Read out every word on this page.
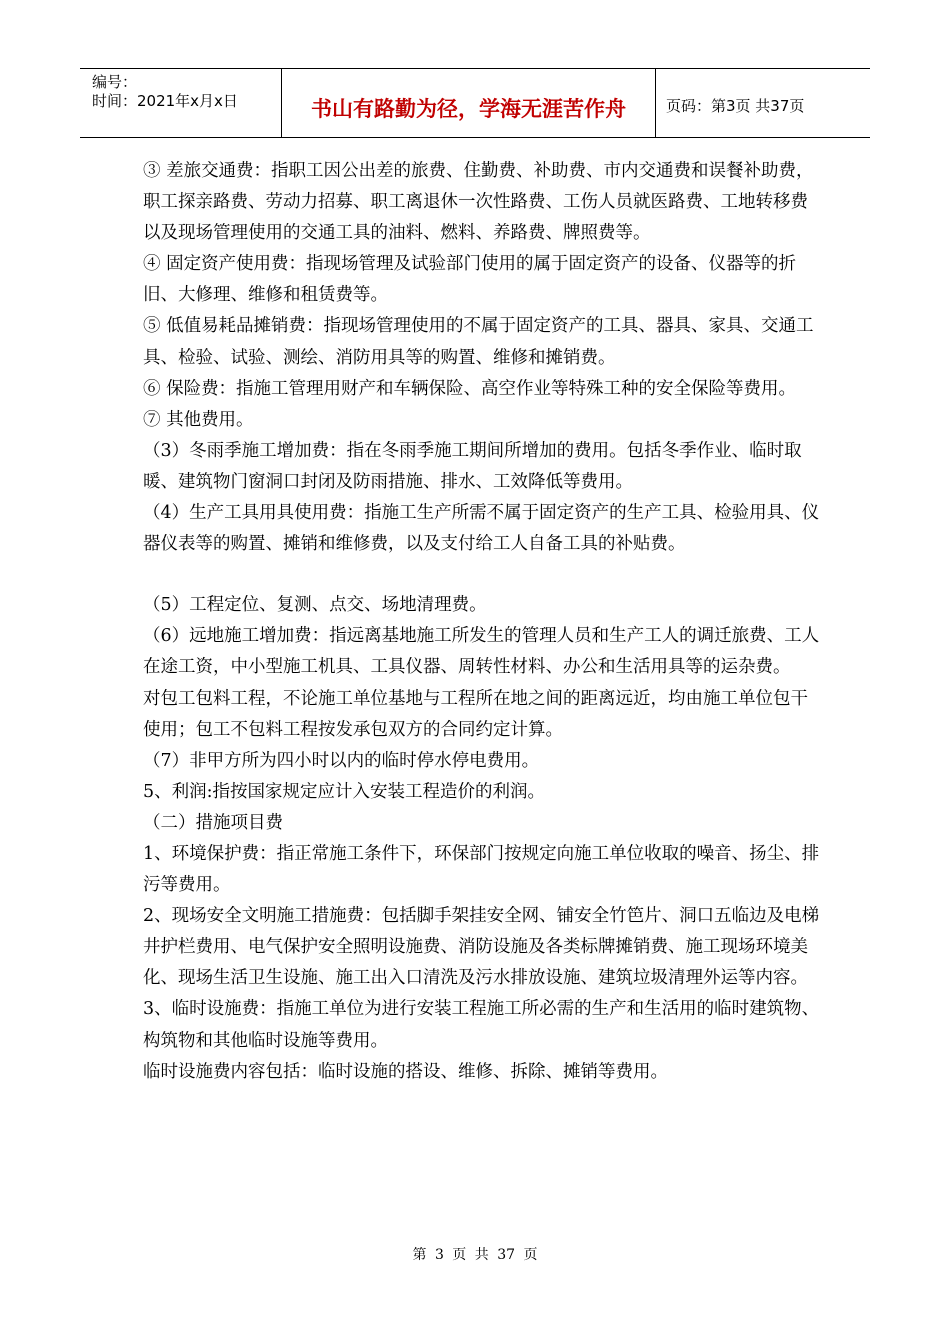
编号：
时间：2021年x月x日	书山有路勤为径，学海无涯苦作舟	页码：第3页 共37页

③ 差旅交通费：指职工因公出差的旅费、住勤费、补助费、市内交通费和误餐补助费，职工探亲路费、劳动力招募、职工离退休一次性路费、工伤人员就医路费、工地转移费以及现场管理使用的交通工具的油料、燃料、养路费、牌照费等。

④ 固定资产使用费：指现场管理及试验部门使用的属于固定资产的设备、仪器等的折旧、大修理、维修和租赁费等。

⑤ 低值易耗品摊销费：指现场管理使用的不属于固定资产的工具、器具、家具、交通工具、检验、试验、测绘、消防用具等的购置、维修和摊销费。

⑥ 保险费：指施工管理用财产和车辆保险、高空作业等特殊工种的安全保险等费用。

⑦ 其他费用。

（3）冬雨季施工增加费：指在冬雨季施工期间所增加的费用。包括冬季作业、临时取暖、建筑物门窗洞口封闭及防雨措施、排水、工效降低等费用。

（4）生产工具用具使用费：指施工生产所需不属于固定资产的生产工具、检验用具、仪器仪表等的购置、摊销和维修费，以及支付给工人自备工具的补贴费。

（5）工程定位、复测、点交、场地清理费。

（6）远地施工增加费：指远离基地施工所发生的管理人员和生产工人的调迁旅费、工人在途工资，中小型施工机具、工具仪器、周转性材料、办公和生活用具等的运杂费。

对包工包料工程，不论施工单位基地与工程所在地之间的距离远近，均由施工单位包干使用；包工不包料工程按发承包双方的合同约定计算。

（7）非甲方所为四小时以内的临时停水停电费用。

5、利润:指按国家规定应计入安装工程造价的利润。

（二）措施项目费

1、环境保护费：指正常施工条件下，环保部门按规定向施工单位收取的噪音、扬尘、排污等费用。

2、现场安全文明施工措施费：包括脚手架挂安全网、铺安全竹笆片、洞口五临边及电梯井护栏费用、电气保护安全照明设施费、消防设施及各类标牌摊销费、施工现场环境美化、现场生活卫生设施、施工出入口清洗及污水排放设施、建筑垃圾清理外运等内容。

3、临时设施费：指施工单位为进行安装工程施工所必需的生产和生活用的临时建筑物、构筑物和其他临时设施等费用。

临时设施费内容包括：临时设施的搭设、维修、拆除、摊销等费用。

第 3 页 共 37 页
